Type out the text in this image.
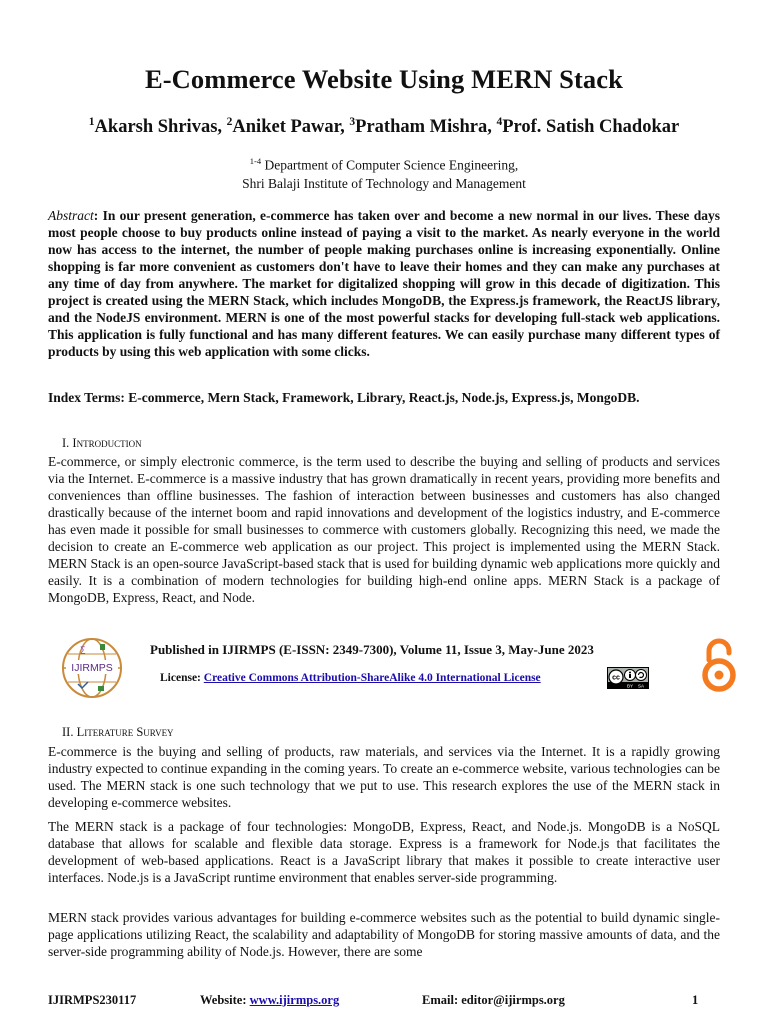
E-Commerce Website Using MERN Stack

$^1$Akarsh Shrivas, $^2$Aniket Pawar, $^3$Pratham Mishra, $^4$Prof. Satish Chadokar

$^{1-4}$ Department of Computer Science Engineering,
Shri Balaji Institute of Technology and Management

Abstract: In our present generation, e-commerce has taken over and become a new normal in our lives. These days most people choose to buy products online instead of paying a visit to the market. As nearly everyone in the world now has access to the internet, the number of people making purchases online is increasing exponentially. Online shopping is far more convenient as customers don't have to leave their homes and they can make any purchases at any time of day from anywhere. The market for digitalized shopping will grow in this decade of digitization. This project is created using the MERN Stack, which includes MongoDB, the Express.js framework, the ReactJS library, and the NodeJS environment. MERN is one of the most powerful stacks for developing full-stack web applications. This application is fully functional and has many different features. We can easily purchase many different types of products by using this web application with some clicks.

Index Terms: E-commerce, Mern Stack, Framework, Library, React.js, Node.js, Express.js, MongoDB.

I. Introduction

E-commerce, or simply electronic commerce, is the term used to describe the buying and selling of products and services via the Internet. E-commerce is a massive industry that has grown dramatically in recent years, providing more benefits and conveniences than offline businesses. The fashion of interaction between businesses and customers has also changed drastically because of the internet boom and rapid innovations and development of the logistics industry, and E-commerce has even made it possible for small businesses to commerce with customers globally. Recognizing this need, we made the decision to create an E-commerce web application as our project. This project is implemented using the MERN Stack. MERN Stack is an open-source JavaScript-based stack that is used for building dynamic web applications more quickly and easily. It is a combination of modern technologies for building high-end online apps. MERN Stack is a package of MongoDB, Express, React, and Node.

IJIRMPS
∑	Published in IJIRMPS (E-ISSN: 2349-7300), Volume 11, Issue 3, May-June 2023
License: Creative Commons Attribution-ShareAlike 4.0 International License	cc
BY SA
II. Literature Survey

E-commerce is the buying and selling of products, raw materials, and services via the Internet. It is a rapidly growing industry expected to continue expanding in the coming years. To create an e-commerce website, various technologies can be used. The MERN stack is one such technology that we put to use. This research explores the use of the MERN stack in developing e-commerce websites.

The MERN stack is a package of four technologies: MongoDB, Express, React, and Node.js. MongoDB is a NoSQL database that allows for scalable and flexible data storage. Express is a framework for Node.js that facilitates the development of web-based applications. React is a JavaScript library that makes it possible to create interactive user interfaces. Node.js is a JavaScript runtime environment that enables server-side programming.

MERN stack provides various advantages for building e-commerce websites such as the potential to build dynamic single-page applications utilizing React, the scalability and adaptability of MongoDB for storing massive amounts of data, and the server-side programming ability of Node.js. However, there are some

IJIRMPS230117	Website: www.ijirmps.org	Email: editor@ijirmps.org	1
